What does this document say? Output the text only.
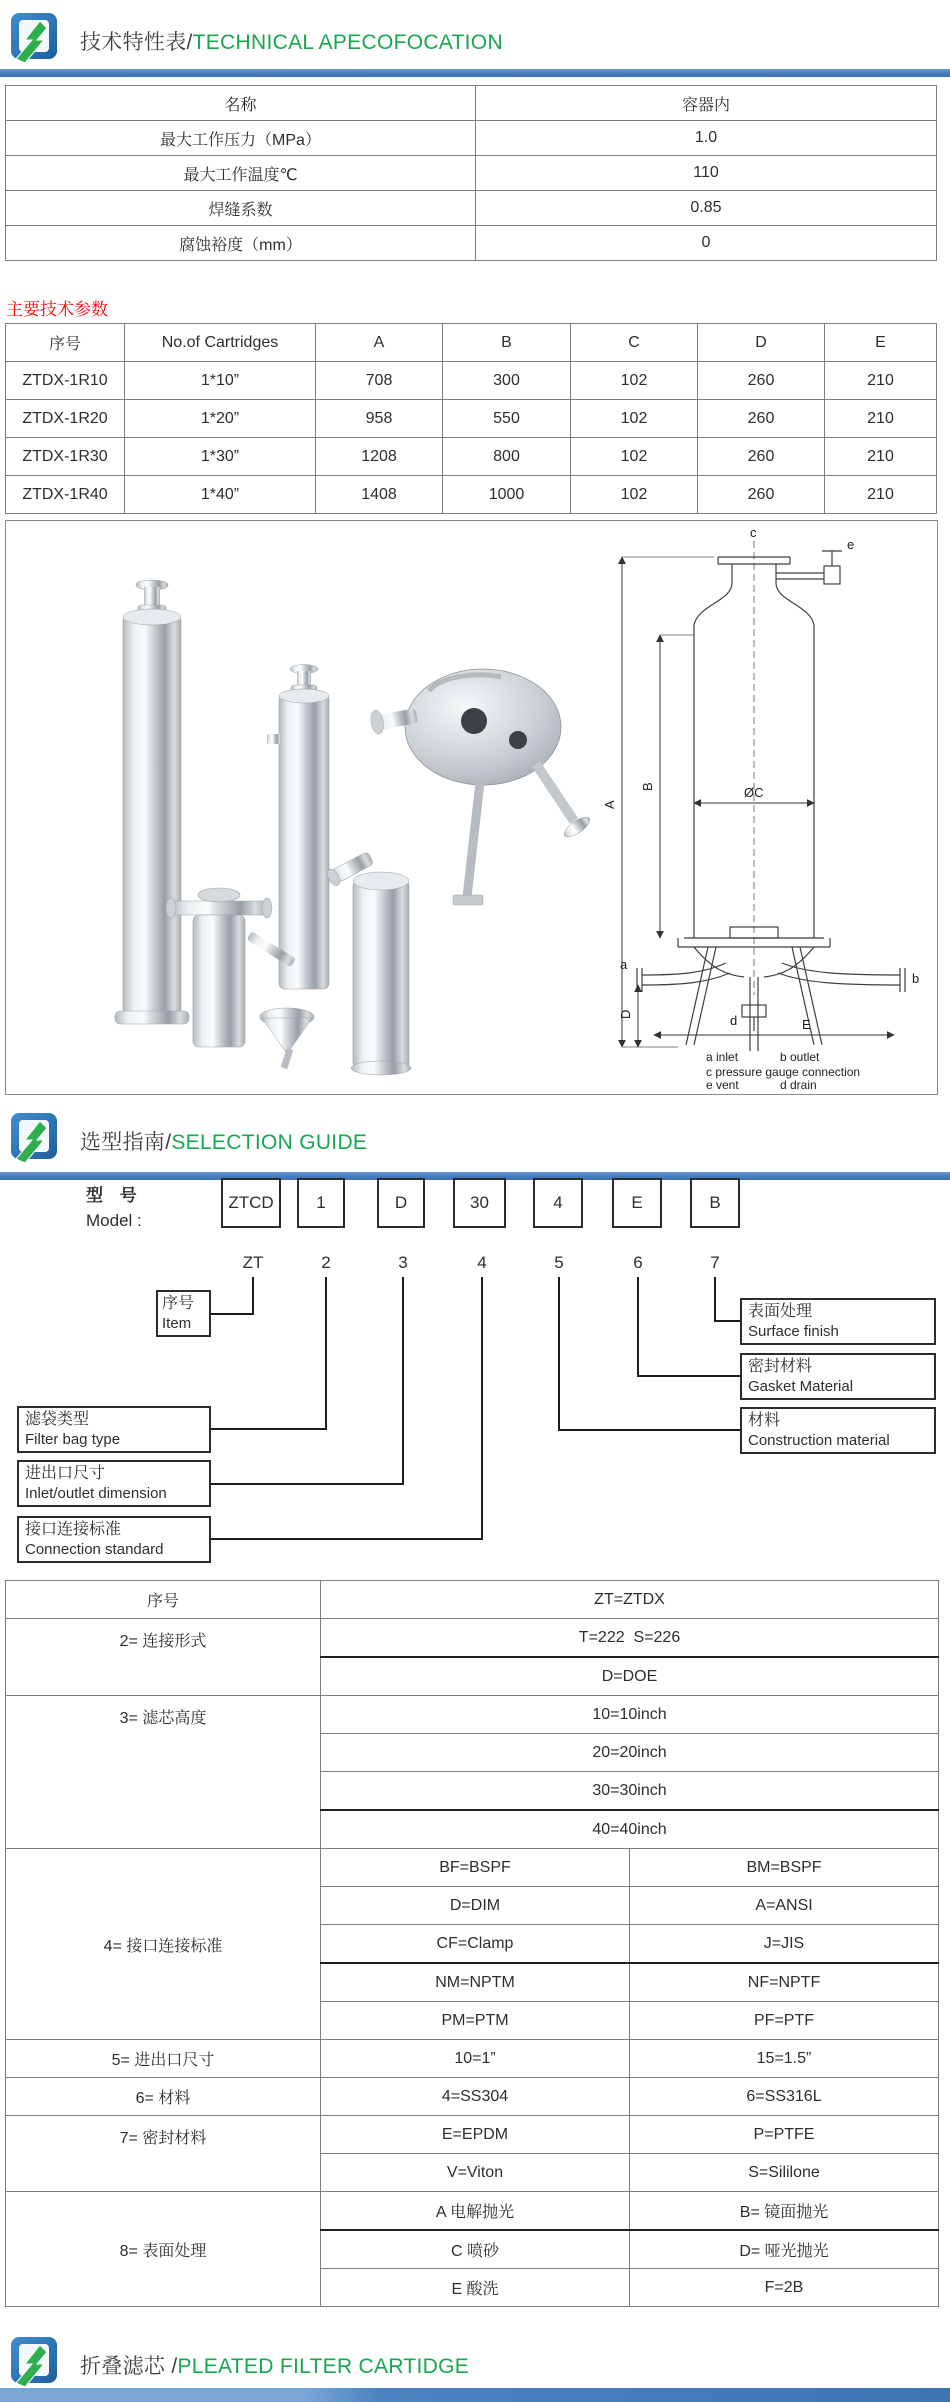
技术特性表/TECHNICAL APECOFOCATION
名称	容器内
最大工作压力（MPa）	1.0
最大工作温度℃	110
焊缝系数	0.85
腐蚀裕度（mm）	0
主要技术参数
序号	No.of Cartridges	A	B	C	D	E
ZTDX-1R10	1*10”	708	300	102	260	210
ZTDX-1R20	1*20”	958	550	102	260	210
ZTDX-1R30	1*30”	1208	800	102	260	210
ZTDX-1R40	1*40”	1408	1000	102	260	210
c
e
a
b
d
A
B	ØC
D
E
a inlet	b outlet
c pressure gauge connection
e vent	d drain
选型指南/SELECTION GUIDE
型 号
Model :
ZTCD	1	D	30	4	E	B
ZT	2	3	4	5	6	7
序号
Item
表面处理
Surface finish
密封材料
Gasket Material
材料
Construction material
滤袋类型
Filter bag type
进出口尺寸
Inlet/outlet dimension
接口连接标准
Connection standard
序号	ZT=ZTDX	
2= 连接形式	T=222  S=226	
	D=DOE	
3= 滤芯高度	10=10inch	
	20=20inch	
	30=30inch	
	40=40inch	
4= 接口连接标准	BF=BSPF	BM=BSPF
	D=DIM	A=ANSI
	CF=Clamp	J=JIS
	NM=NPTM	NF=NPTF
	PM=PTM	PF=PTF
5= 进出口尺寸	10=1”	15=1.5”
6= 材料	4=SS304	6=SS316L
7= 密封材料	E=EPDM	P=PTFE
	V=Viton	S=Sililone
8= 表面处理	A 电解抛光	B= 镜面抛光
	C 喷砂	D= 哑光抛光
	E 酸洗	F=2B
折叠滤芯 /PLEATED FILTER CARTIDGE
